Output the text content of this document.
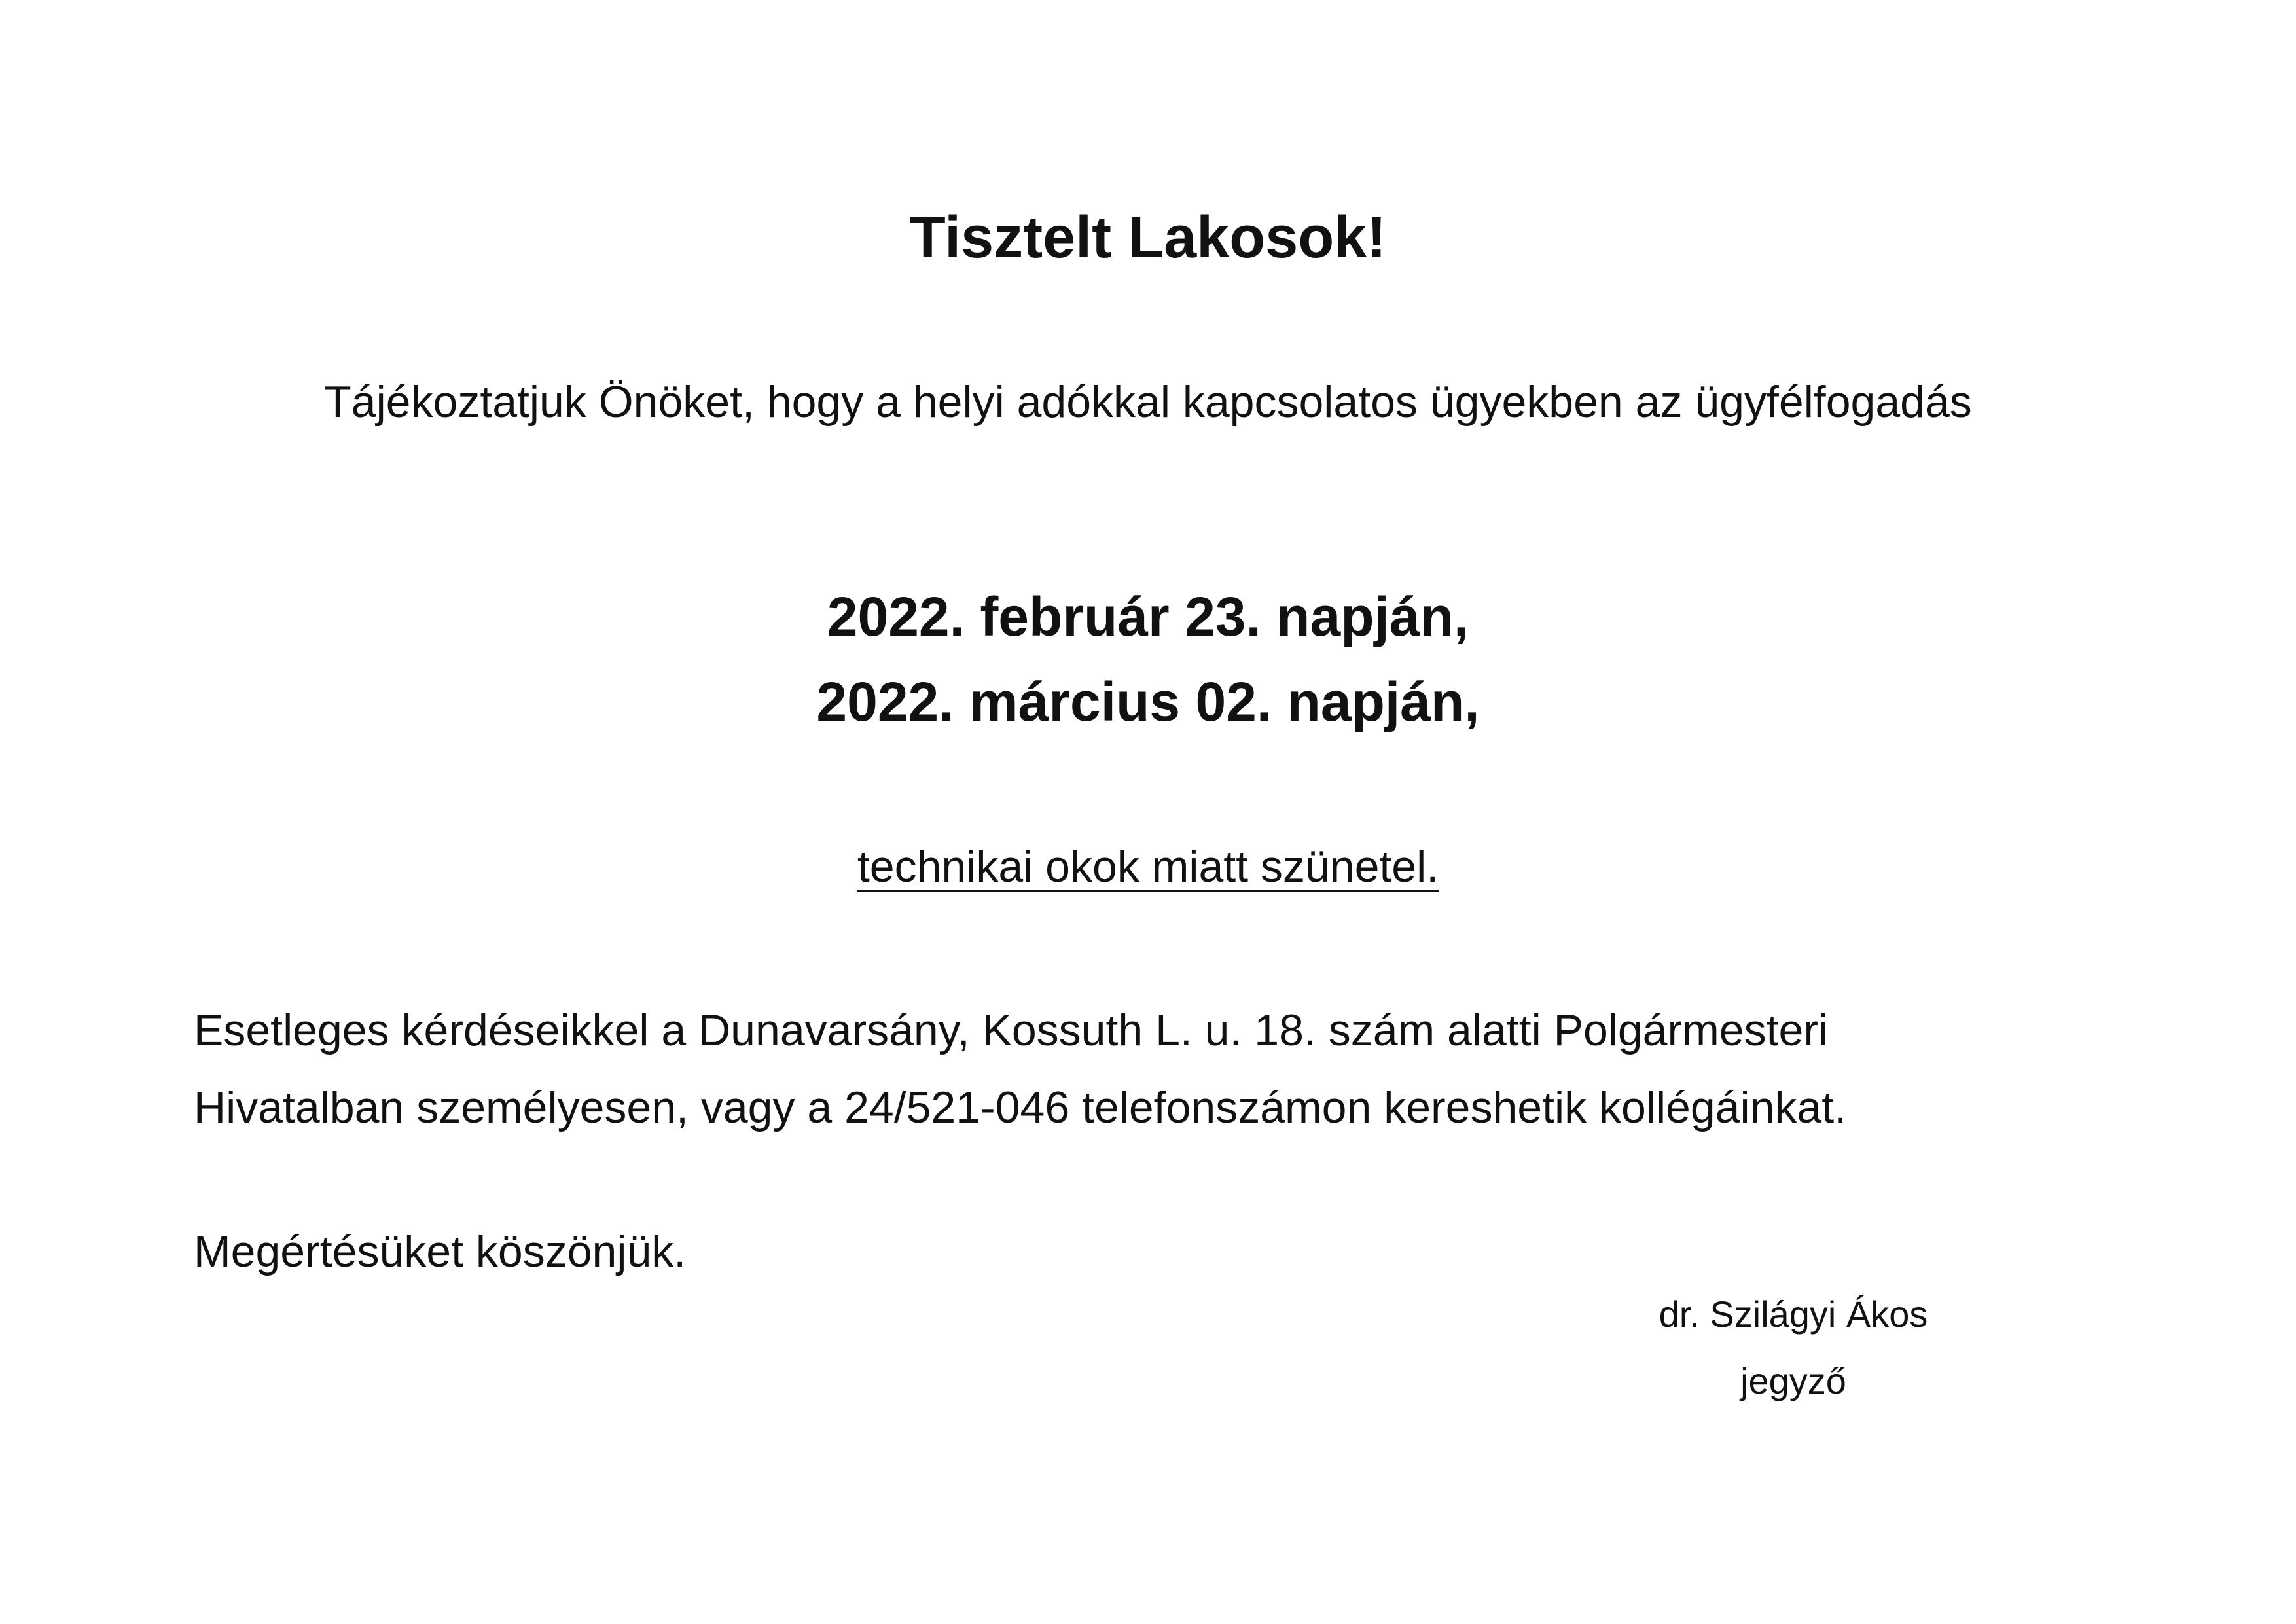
Tisztelt Lakosok!
Tájékoztatjuk Önöket, hogy a helyi adókkal kapcsolatos ügyekben az ügyfélfogadás
2022. február 23. napján,
2022. március 02. napján,
technikai okok miatt szünetel.
Esetleges kérdéseikkel a Dunavarsány, Kossuth L. u. 18. szám alatti Polgármesteri
Hivatalban személyesen, vagy a 24/521-046 telefonszámon kereshetik kollégáinkat.
Megértésüket köszönjük.
dr. Szilágyi Ákos
jegyző
